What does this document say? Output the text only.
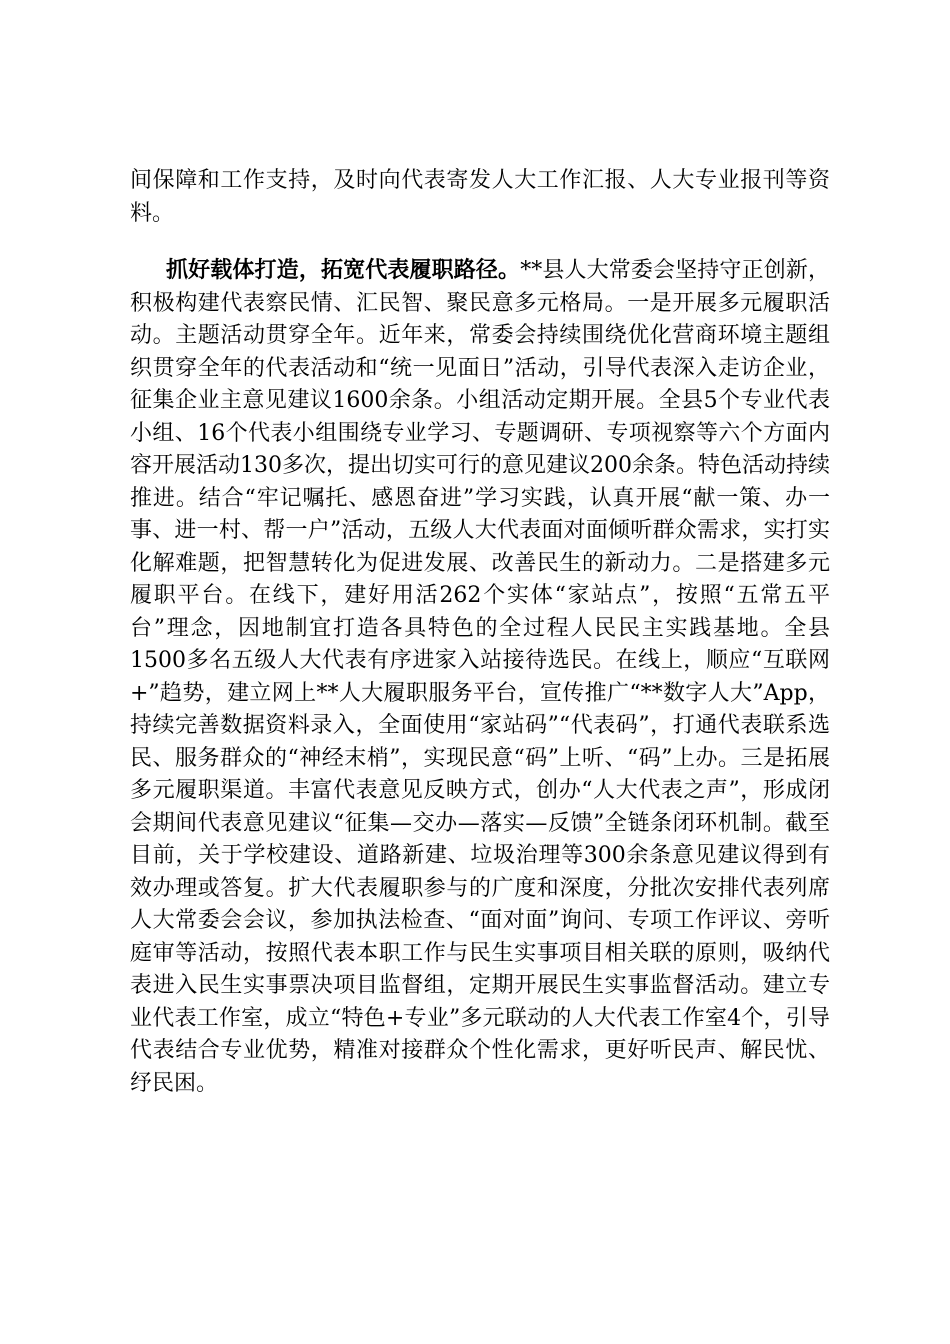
间保障和工作支持，及时向代表寄发人大工作汇报、人大专业报刊等资料。

抓好载体打造，拓宽代表履职路径。**县人大常委会坚持守正创新，积极构建代表察民情、汇民智、聚民意多元格局。一是开展多元履职活动。主题活动贯穿全年。近年来，常委会持续围绕优化营商环境主题组织贯穿全年的代表活动和“统一见面日”活动，引导代表深入走访企业，征集企业主意见建议1600余条。小组活动定期开展。全县5个专业代表小组、16个代表小组围绕专业学习、专题调研、专项视察等六个方面内容开展活动130多次，提出切实可行的意见建议200余条。特色活动持续推进。结合“牢记嘱托、感恩奋进”学习实践，认真开展“献一策、办一事、进一村、帮一户”活动，五级人大代表面对面倾听群众需求，实打实化解难题，把智慧转化为促进发展、改善民生的新动力。二是搭建多元履职平台。在线下，建好用活262个实体“家站点”，按照“五常五平台”理念，因地制宜打造各具特色的全过程人民民主实践基地。全县1500多名五级人大代表有序进家入站接待选民。在线上，顺应“互联网+”趋势，建立网上**人大履职服务平台，宣传推广“**数字人大”App，持续完善数据资料录入，全面使用“家站码”“代表码”，打通代表联系选民、服务群众的“神经末梢”，实现民意“码”上听、“码”上办。三是拓展多元履职渠道。丰富代表意见反映方式，创办“人大代表之声”，形成闭会期间代表意见建议“征集—交办—落实—反馈”全链条闭环机制。截至目前，关于学校建设、道路新建、垃圾治理等300余条意见建议得到有效办理或答复。扩大代表履职参与的广度和深度，分批次安排代表列席人大常委会会议，参加执法检查、“面对面”询问、专项工作评议、旁听庭审等活动，按照代表本职工作与民生实事项目相关联的原则，吸纳代表进入民生实事票决项目监督组，定期开展民生实事监督活动。建立专业代表工作室，成立“特色+专业”多元联动的人大代表工作室4个，引导代表结合专业优势，精准对接群众个性化需求，更好听民声、解民忧、纾民困。
